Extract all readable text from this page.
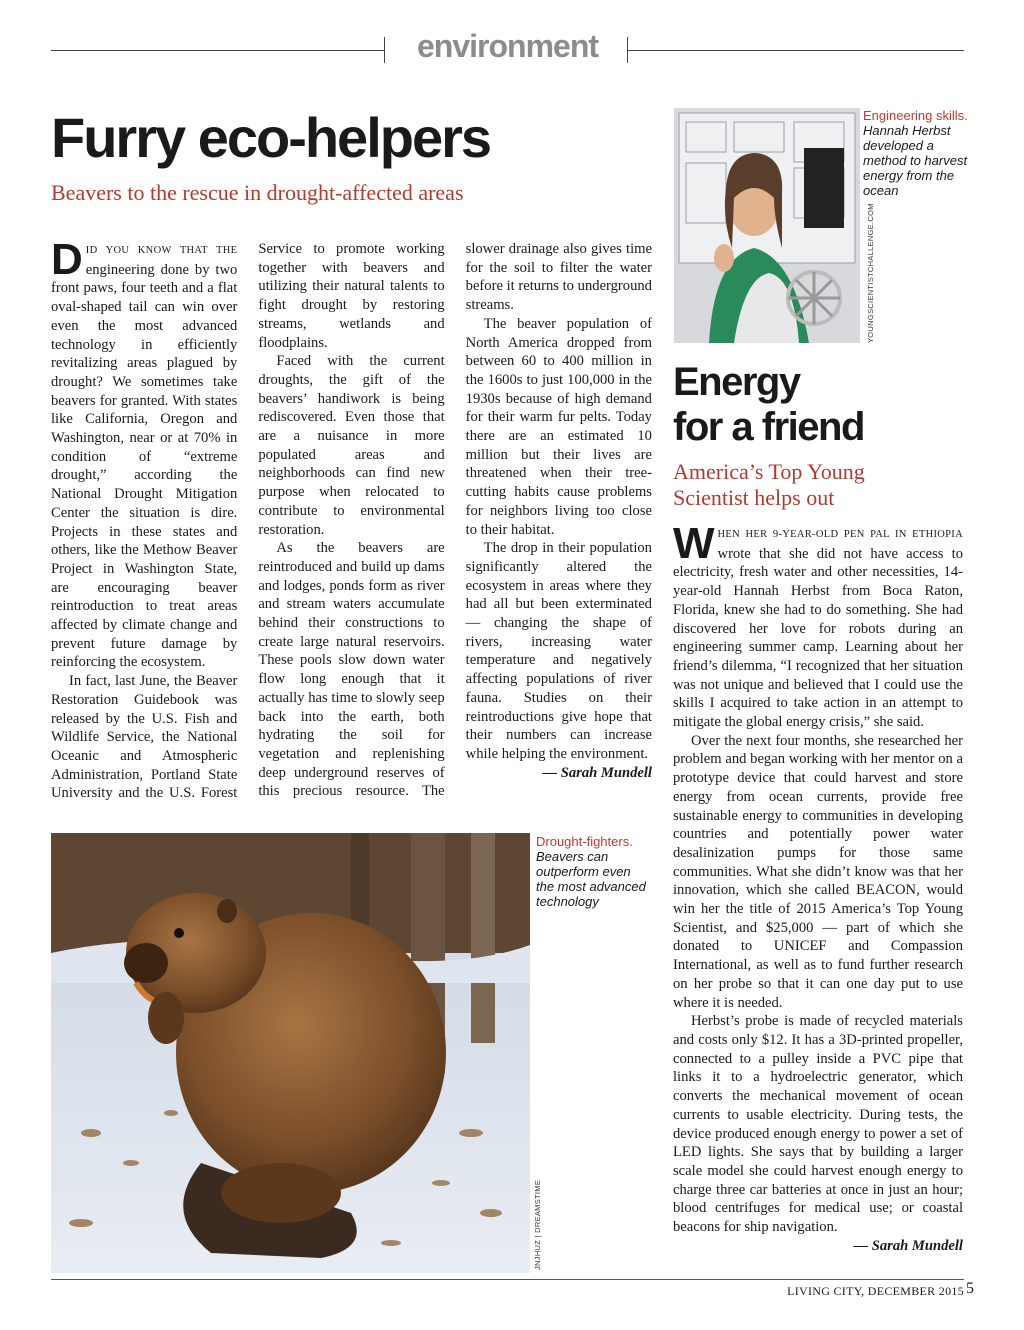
environment
Furry eco-helpers

Beavers to the rescue in drought-affected areas

DID YOU KNOW THAT THE engineering done by two front paws, four teeth and a flat oval-shaped tail can win over even the most advanced technology in efficiently revitalizing areas plagued by drought? We sometimes take beavers for granted. With states like California, Oregon and Washington, near or at 70% in condition of “extreme drought,” according the National Drought Mitigation Center the situation is dire. Projects in these states and others, like the Methow Beaver Project in Washington State, are encouraging beaver reintroduction to treat areas affected by climate change and prevent future damage by reinforcing the ecosystem.

In fact, last June, the Beaver Restoration Guidebook was released by the U.S. Fish and Wildlife Service, the National Oceanic and Atmospheric Administration, Portland State University and the U.S. Forest Service to promote working together with beavers and utilizing their natural talents to fight drought by restoring streams, wetlands and floodplains.

Faced with the current droughts, the gift of the beavers’ handiwork is being rediscovered. Even those that are a nuisance in more populated areas and neighborhoods can find new purpose when relocated to contribute to environmental restoration.

As the beavers are reintroduced and build up dams and lodges, ponds form as river and stream waters accumulate behind their constructions to create large natural reservoirs. These pools slow down water flow long enough that it actually has time to slowly seep back into the earth, both hydrating the soil for vegetation and replenishing deep underground reserves of this precious resource. The slower drainage also gives time for the soil to filter the water before it returns to underground streams.

The beaver population of North America dropped from between 60 to 400 million in the 1600s to just 100,000 in the 1930s because of high demand for their warm fur pelts. Today there are an estimated 10 million but their lives are threatened when their tree-cutting habits cause problems for neighbors living too close to their habitat.

The drop in their population significantly altered the ecosystem in areas where they had all but been exterminated — changing the shape of rivers, increasing water temperature and negatively affecting populations of river fauna. Studies on their reintroductions give hope that their numbers can increase while helping the environment.

— Sarah Mundell

Drought-fighters.
Beavers can outperform even the most advanced technology
JNJHUZ | DREAMSTIME
YOUNGSCIENTISTCHALLENGE.COM
Engineering skills.
Hannah Herbst developed a method to harvest energy from the ocean
Energy
for a friend

America’s Top Young Scientist helps out

WHEN HER 9-YEAR-OLD PEN PAL IN ETHIOPIA wrote that she did not have access to electricity, fresh water and other necessities, 14-year-old Hannah Herbst from Boca Raton, Florida, knew she had to do something. She had discovered her love for robots during an engineering summer camp. Learning about her friend’s dilemma, “I recognized that her situation was not unique and believed that I could use the skills I acquired to take action in an attempt to mitigate the global energy crisis,” she said.

Over the next four months, she researched her problem and began working with her mentor on a prototype device that could harvest and store energy from ocean currents, provide free sustainable energy to communities in developing countries and potentially power water desalinization pumps for those same communities. What she didn’t know was that her innovation, which she called BEACON, would win her the title of 2015 America’s Top Young Scientist, and $25,000 — part of which she donated to UNICEF and Compassion International, as well as to fund further research on her probe so that it can one day put to use where it is needed.

Herbst’s probe is made of recycled materials and costs only $12. It has a 3D-printed propeller, connected to a pulley inside a PVC pipe that links it to a hydroelectric generator, which converts the mechanical movement of ocean currents to usable electricity. During tests, the device produced enough energy to power a set of LED lights. She says that by building a larger scale model she could harvest enough energy to charge three car batteries at once in just an hour; blood centrifuges for medical use; or coastal beacons for ship navigation.

— Sarah Mundell

LIVING CITY, DECEMBER 2015 5
